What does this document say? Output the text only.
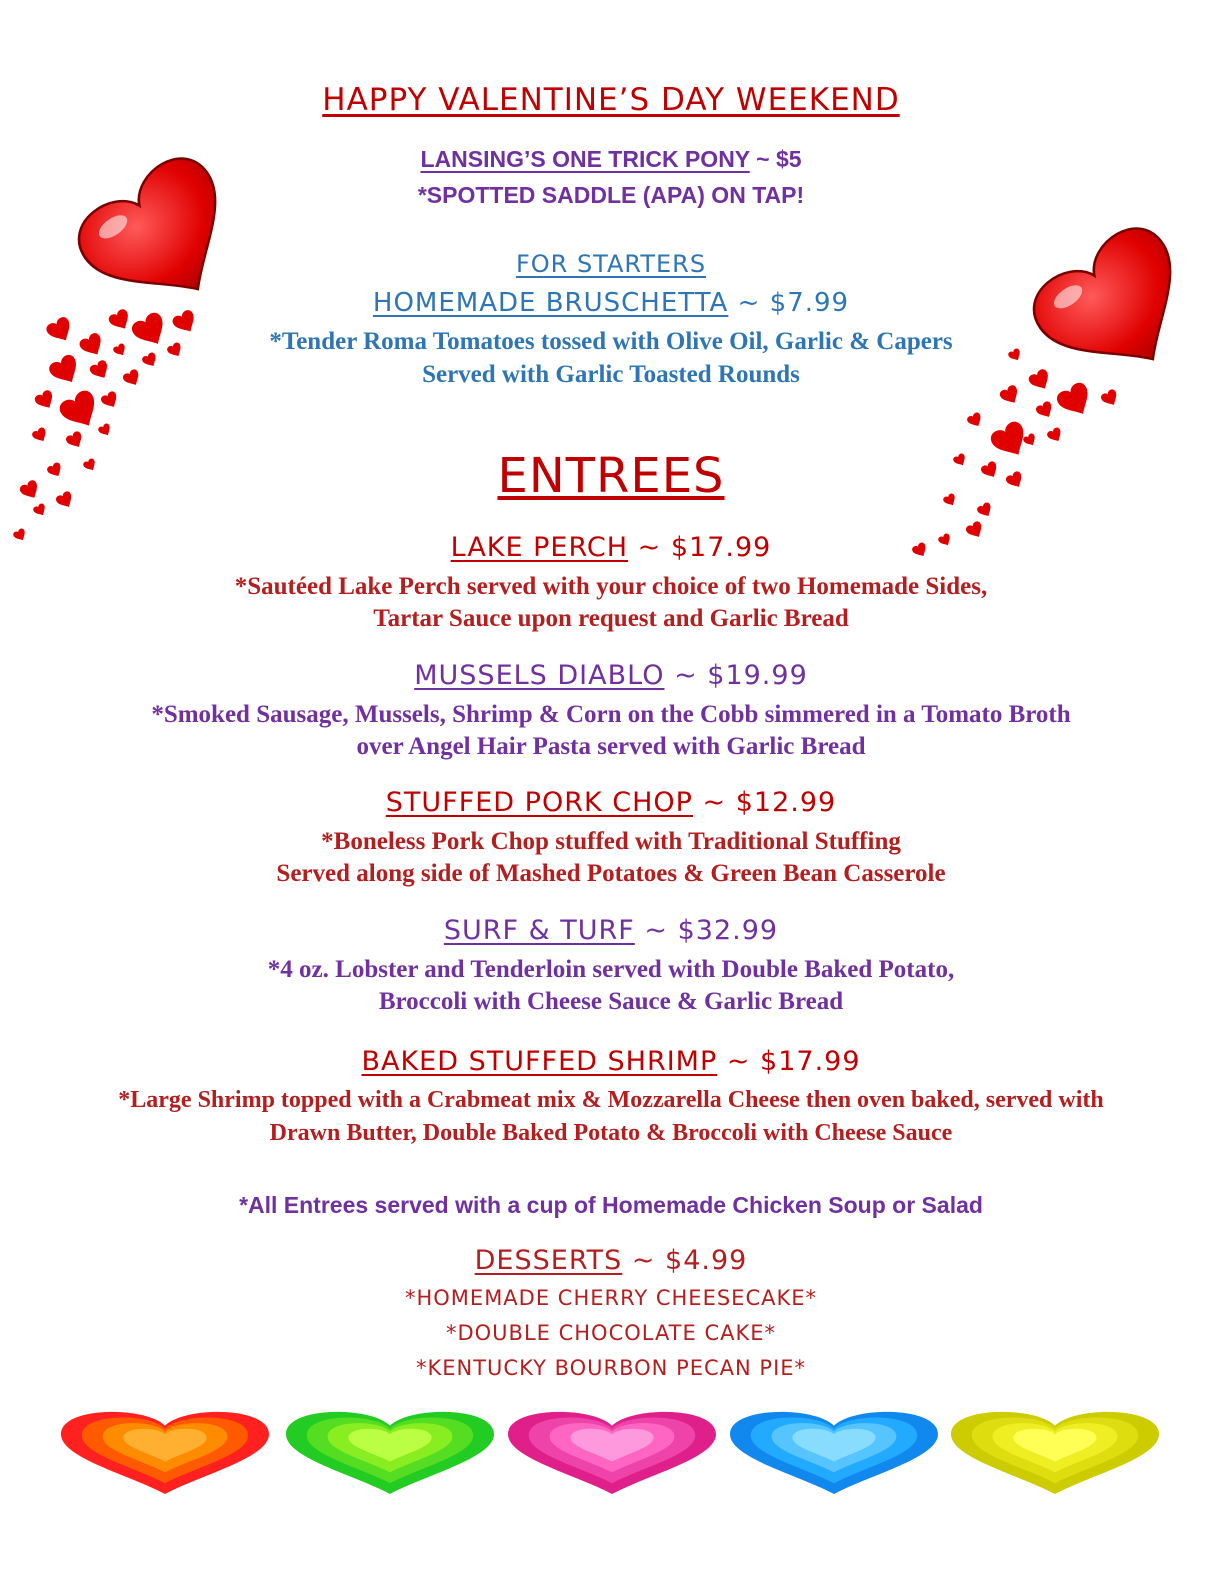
HAPPY VALENTINE’S DAY WEEKEND
LANSING’S ONE TRICK PONY ~ $5
*SPOTTED SADDLE (APA) ON TAP!
FOR STARTERS
HOMEMADE BRUSCHETTA ~ $7.99
*Tender Roma Tomatoes tossed with Olive Oil, Garlic & Capers
Served with Garlic Toasted Rounds
ENTREES
LAKE PERCH ~ $17.99
*Sautéed Lake Perch served with your choice of two Homemade Sides,
Tartar Sauce upon request and Garlic Bread
MUSSELS DIABLO ~ $19.99
*Smoked Sausage, Mussels, Shrimp & Corn on the Cobb simmered in a Tomato Broth
over Angel Hair Pasta served with Garlic Bread
STUFFED PORK CHOP ~ $12.99
*Boneless Pork Chop stuffed with Traditional Stuffing
Served along side of Mashed Potatoes & Green Bean Casserole
SURF & TURF ~ $32.99
*4 oz. Lobster and Tenderloin served with Double Baked Potato,
Broccoli with Cheese Sauce & Garlic Bread
BAKED STUFFED SHRIMP ~ $17.99
*Large Shrimp topped with a Crabmeat mix & Mozzarella Cheese then oven baked, served with
Drawn Butter, Double Baked Potato & Broccoli with Cheese Sauce
*All Entrees served with a cup of Homemade Chicken Soup or Salad
DESSERTS ~ $4.99
*HOMEMADE CHERRY CHEESECAKE*
*DOUBLE CHOCOLATE CAKE*
*KENTUCKY BOURBON PECAN PIE*
